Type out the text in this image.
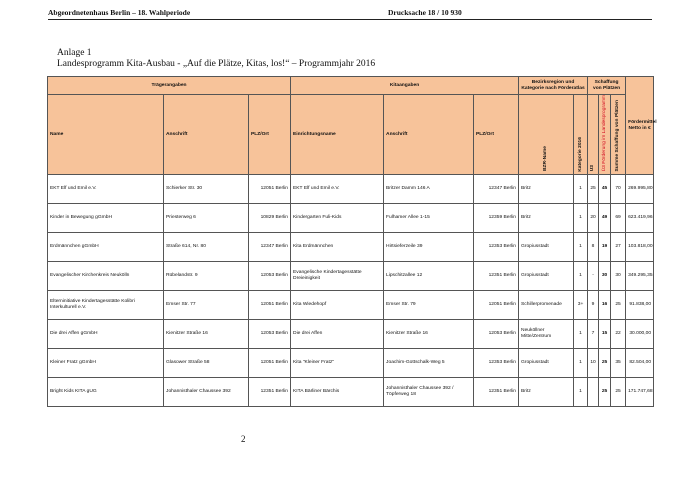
Abgeordnetenhaus Berlin – 18. Wahlperiode	Drucksache 18 / 10 930
Anlage 1
Landesprogramm Kita-Ausbau - „Auf die Plätze, Kitas, los!“ – Programmjahr 2016
Trägerangaben			Kitaangaben			Bezirksregion und Kategorie nach Förderatlas		Schaffung von Plätzen			Fördermittel Netto in €
Name	Anschrift	PLZ/Ort	Einrichtungsname	Anschrift	PLZ/Ort	BZR-Name	Kategorie 2016	U3	Ü3 Förderung im Landesprogramm	Summe Schaffung von Plätzen	
EKT Elf und Emil e.V.	Schierker Str. 30	12051 Berlin	EKT Elf und Emil e.V.	Britzer Damm 146 A	12347 Berlin	Britz	1	25	45	70	269.995,80
Kinder in Bewegung gGmbH	Priesterweg 6	10829 Berlin	Kindergarten Fuli-Kids	Fulhamer Allee 1-15	12359 Berlin	Britz	1	20	49	69	623.419,96
Erdmännchen gGmbH	Straße 614, Nr. 80	12347 Berlin	Kita Erdmännchen	Hirtsieferzeile 39	12353 Berlin	Gropiusstadt	1	8	19	27	103.818,00
Evangelischer Kirchenkreis Neukölln	Rübelandstr. 9	12053 Berlin	Evangelische Kindertagesstätte Dreieinigkeit	Lipschitzallee 12	12351 Berlin	Gropiusstadt	1	-	30	30	349.295,35
Elterninitiative Kindertagesstätte Kolibri Interkulturell e.V.	Emser Str. 77	12051 Berlin	Kita Wiedehopf	Emser Str. 79	12051 Berlin	Schillerpromenade	3+	9	16	25	91.838,00
Die drei Affen gGmbH	Kienitzer Straße 16	12053 Berlin	Die drei Affen	Kienitzer Straße 16	12053 Berlin	Neuköllner Mitte/Zentrum	1	7	15	22	30.000,00
Kleiner Fratz gGmbH	Glasower Straße 58	12051 Berlin	Kita "Kleiner Fratz"	Joachim-Gottschalk-Weg 5	12353 Berlin	Gropiusstadt	1	10	25	35	82.504,00
Bright Kids KITA gUG	Johannisthaler Chaussee 392	12351 Berlin	KITA Bärliner Bärchis	Johannisthaler Chaussee 392 / Töpferweg 18	12351 Berlin	Britz	1		25	25	171.747,68
2
